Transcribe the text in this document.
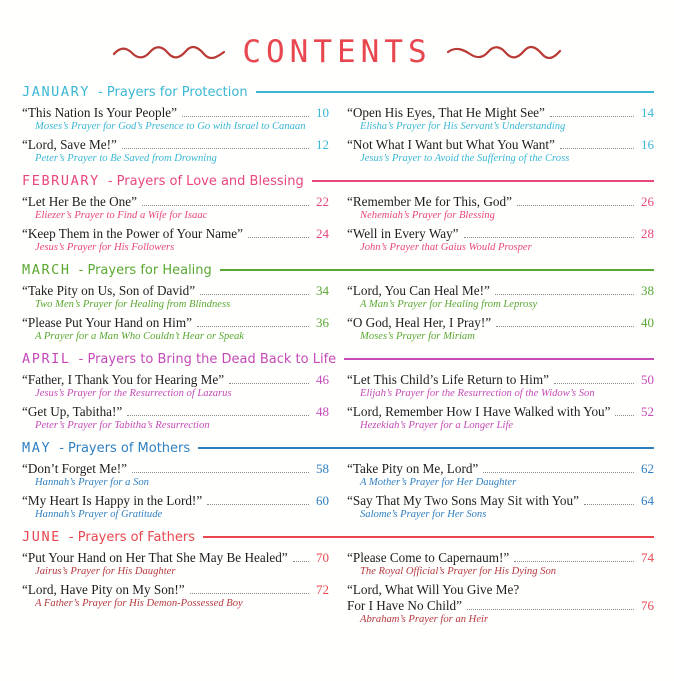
CONTENTS
JANUARY - Prayers for Protection
“This Nation Is Your People”	10
Moses’s Prayer for God’s Presence to Go with Israel to Canaan
“Lord, Save Me!”	12
Peter’s Prayer to Be Saved from Drowning
“Open His Eyes, That He Might See”	14
Elisha’s Prayer for His Servant’s Understanding
“Not What I Want but What You Want”	16
Jesus’s Prayer to Avoid the Suffering of the Cross
FEBRUARY - Prayers of Love and Blessing
“Let Her Be the One”	22
Eliezer’s Prayer to Find a Wife for Isaac
“Keep Them in the Power of Your Name”	24
Jesus’s Prayer for His Followers
“Remember Me for This, God”	26
Nehemiah’s Prayer for Blessing
“Well in Every Way”	28
John’s Prayer that Gaius Would Prosper
MARCH - Prayers for Healing
“Take Pity on Us, Son of David”	34
Two Men’s Prayer for Healing from Blindness
“Please Put Your Hand on Him”	36
A Prayer for a Man Who Couldn’t Hear or Speak
“Lord, You Can Heal Me!”	38
A Man’s Prayer for Healing from Leprosy
“O God, Heal Her, I Pray!”	40
Moses’s Prayer for Miriam
APRIL - Prayers to Bring the Dead Back to Life
“Father, I Thank You for Hearing Me”	46
Jesus’s Prayer for the Resurrection of Lazarus
“Get Up, Tabitha!”	48
Peter’s Prayer for Tabitha’s Resurrection
“Let This Child’s Life Return to Him”	50
Elijah’s Prayer for the Resurrection of the Widow’s Son
“Lord, Remember How I Have Walked with You” 52
Hezekiah’s Prayer for a Longer Life
MAY - Prayers of Mothers
“Don’t Forget Me!”	58
Hannah’s Prayer for a Son
“My Heart Is Happy in the Lord!”	60
Hannah’s Prayer of Gratitude
“Take Pity on Me, Lord”	62
A Mother’s Prayer for Her Daughter
“Say That My Two Sons May Sit with You”	64
Salome’s Prayer for Her Sons
JUNE - Prayers of Fathers
“Put Your Hand on Her That She May Be Healed” 70
Jairus’s Prayer for His Daughter
“Lord, Have Pity on My Son!”	72
A Father’s Prayer for His Demon-Possessed Boy
“Please Come to Capernaum!”	74
The Royal Official’s Prayer for His Dying Son
“Lord, What Will You Give Me?
For I Have No Child”	76
Abraham’s Prayer for an Heir
